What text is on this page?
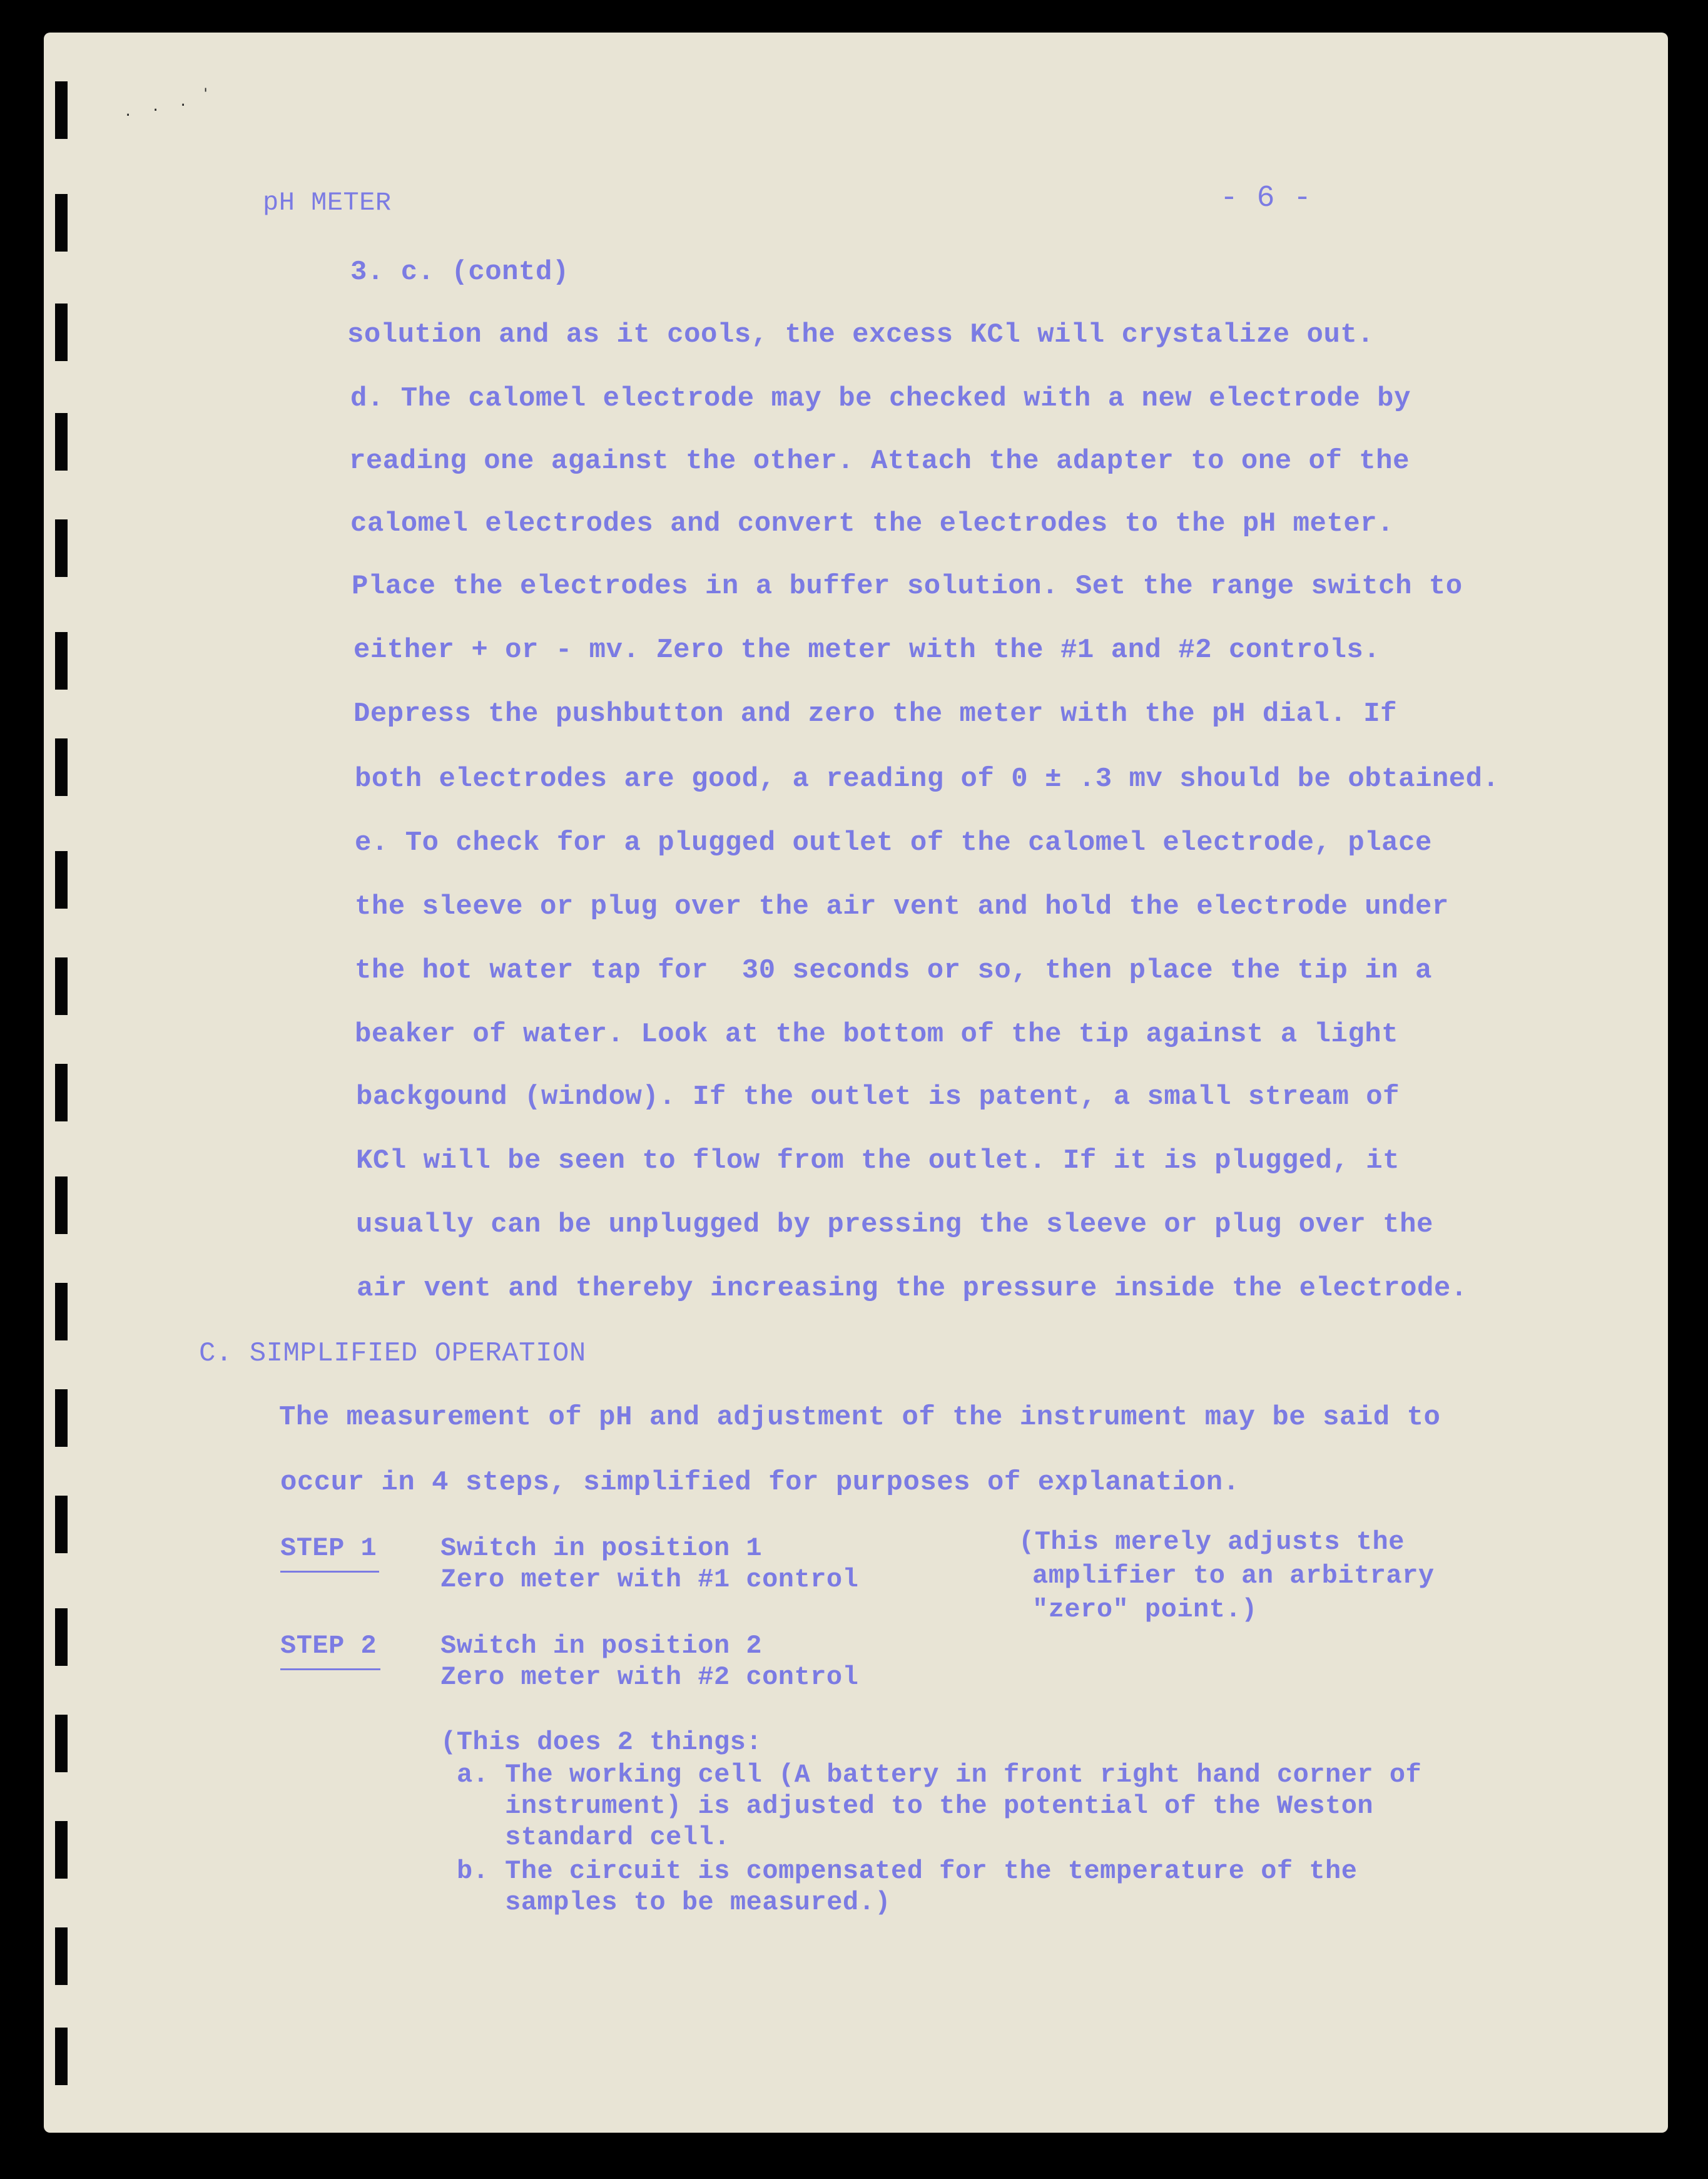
· · ·
'
pH METER	- 6 -
3. c. (contd)
solution and as it cools, the excess KCl will crystalize out.
d. The calomel electrode may be checked with a new electrode by
reading one against the other. Attach the adapter to one of the
calomel electrodes and convert the electrodes to the pH meter.
Place the electrodes in a buffer solution. Set the range switch to
either + or - mv. Zero the meter with the #1 and #2 controls.
Depress the pushbutton and zero the meter with the pH dial. If
both electrodes are good, a reading of 0 ± .3 mv should be obtained.
e. To check for a plugged outlet of the calomel electrode, place
the sleeve or plug over the air vent and hold the electrode under
the hot water tap for  30 seconds or so, then place the tip in a
beaker of water. Look at the bottom of the tip against a light
backgound (window). If the outlet is patent, a small stream of
KCl will be seen to flow from the outlet. If it is plugged, it
usually can be unplugged by pressing the sleeve or plug over the
air vent and thereby increasing the pressure inside the electrode.
C. SIMPLIFIED OPERATION
The measurement of pH and adjustment of the instrument may be said to
occur in 4 steps, simplified for purposes of explanation.
STEP 1 Switch in position 1
Zero meter with #1 control
(This merely adjusts the
amplifier to an arbitrary
"zero" point.)
STEP 2 Switch in position 2
Zero meter with #2 control
(This does 2 things:
a. The working cell (A battery in front right hand corner of
instrument) is adjusted to the potential of the Weston
standard cell.
b. The circuit is compensated for the temperature of the
samples to be measured.)
